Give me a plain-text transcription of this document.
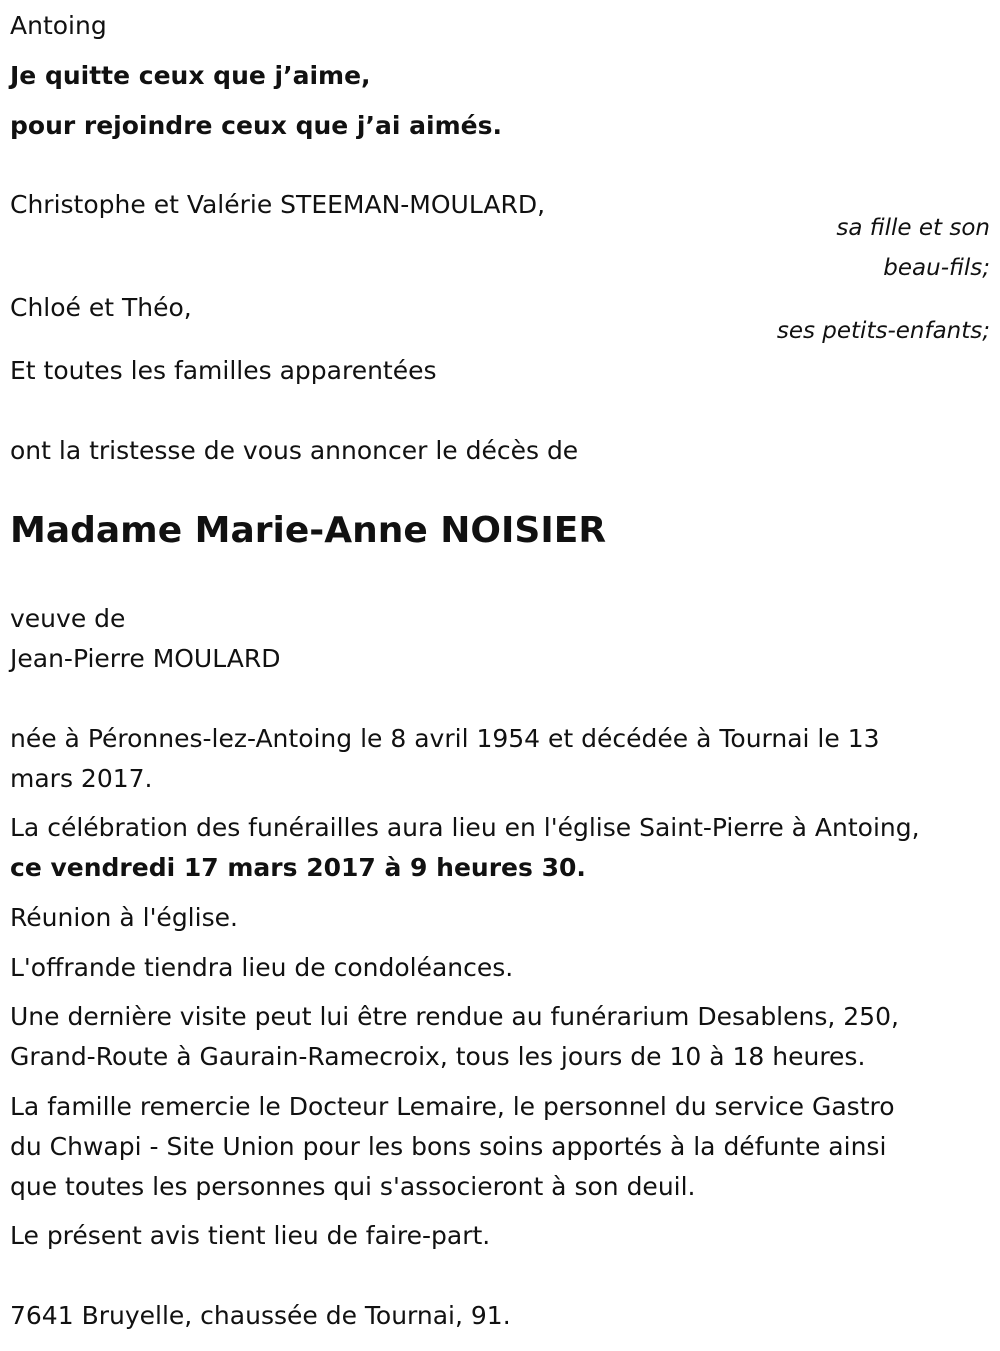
Antoing
Je quitte ceux que j’aime,
pour rejoindre ceux que j’ai aimés.
Christophe et Valérie STEEMAN-MOULARD,
sa fille et son
beau-fils;
Chloé et Théo,
ses petits-enfants;
Et toutes les familles apparentées
ont la tristesse de vous annoncer le décès de
Madame Marie-Anne NOISIER
veuve de
Jean-Pierre MOULARD
née à Péronnes-lez-Antoing le 8 avril 1954 et décédée à Tournai le 13
mars 2017.
La célébration des funérailles aura lieu en l'église Saint-Pierre à Antoing,
ce vendredi 17 mars 2017 à 9 heures 30.
Réunion à l'église.
L'offrande tiendra lieu de condoléances.
Une dernière visite peut lui être rendue au funérarium Desablens, 250,
Grand-Route à Gaurain-Ramecroix, tous les jours de 10 à 18 heures.
La famille remercie le Docteur Lemaire, le personnel du service Gastro
du Chwapi - Site Union pour les bons soins apportés à la défunte ainsi
que toutes les personnes qui s'associeront à son deuil.
Le présent avis tient lieu de faire-part.
7641 Bruyelle, chaussée de Tournai, 91.
